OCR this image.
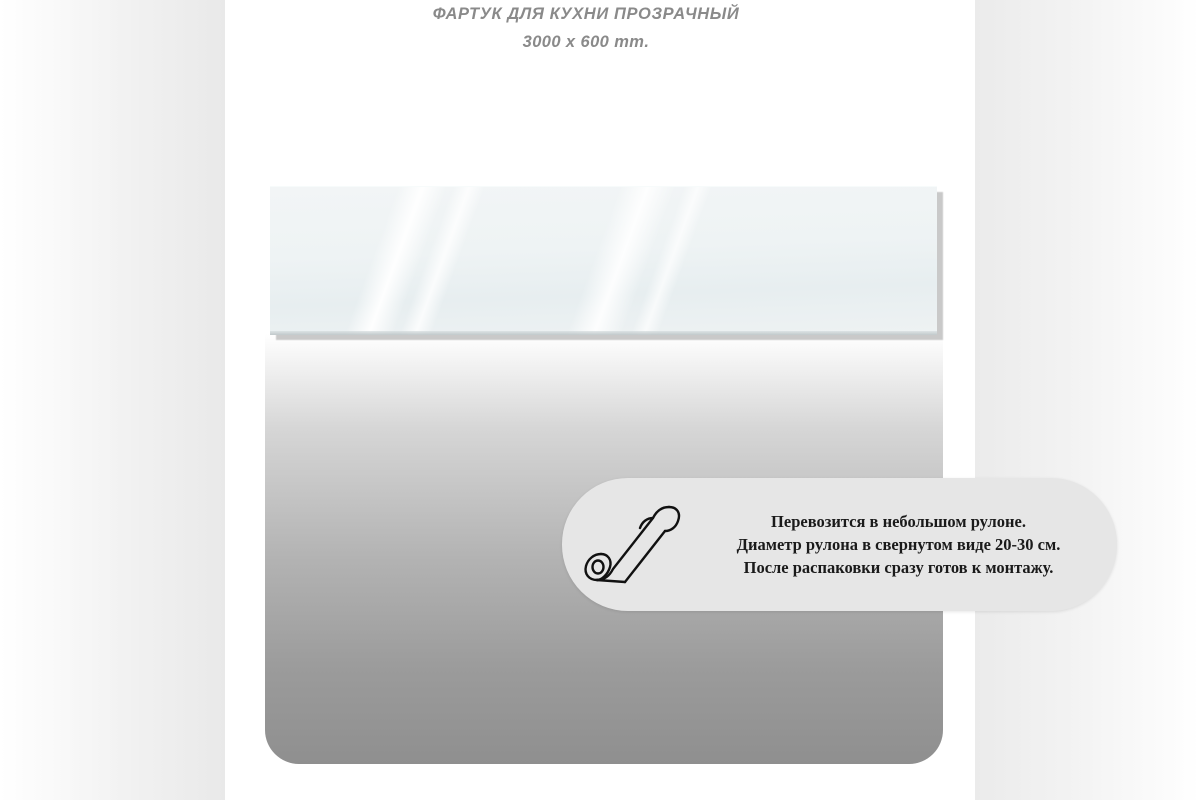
ФАРТУК ДЛЯ КУХНИ ПРОЗРАЧНЫЙ
3000 x 600 mm.
Перевозится в небольшом рулоне.
Диаметр рулона в свернутом виде 20-30 см.
После распаковки сразу готов к монтажу.
